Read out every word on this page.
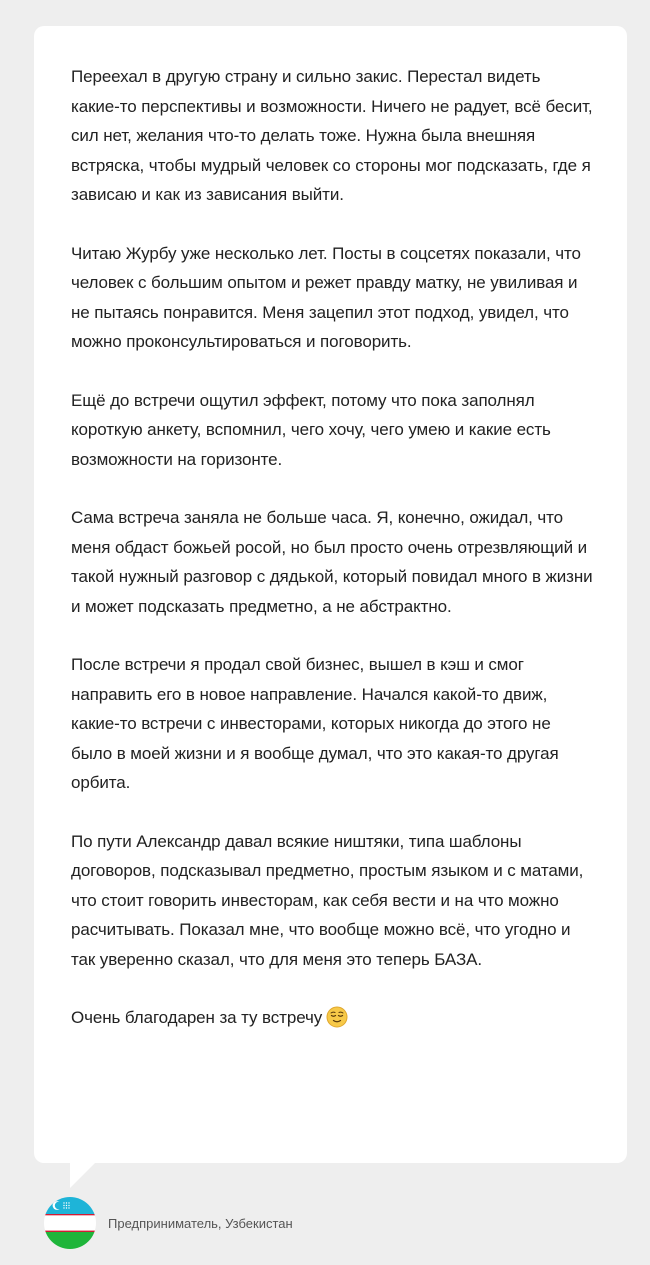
Переехал в другую страну и сильно закис. Перестал видеть какие-то перспективы и возможности. Ничего не радует, всё бесит, сил нет, желания что-то делать тоже. Нужна была внешняя встряска, чтобы мудрый человек со стороны мог подсказать, где я зависаю и как из зависания выйти.

Читаю Журбу уже несколько лет. Посты в соцсетях показали, что человек с большим опытом и режет правду матку, не увиливая и не пытаясь понравится. Меня зацепил этот подход, увидел, что можно проконсультироваться и поговорить.

Ещё до встречи ощутил эффект, потому что пока заполнял короткую анкету, вспомнил, чего хочу, чего умею и какие есть возможности на горизонте.

Сама встреча заняла не больше часа. Я, конечно, ожидал, что меня обдаст божьей росой, но был просто очень отрезвляющий и такой нужный разговор с дядькой, который повидал много в жизни и может подсказать предметно, а не абстрактно.

После встречи я продал свой бизнес, вышел в кэш и смог направить его в новое направление. Начался какой-то движ, какие-то встречи с инвесторами, которых никогда до этого не было в моей жизни и я вообще думал, что это какая-то другая орбита.

По пути Александр давал всякие ништяки, типа шаблоны договоров, подсказывал предметно, простым языком и с матами, что стоит говорить инвесторам, как себя вести и на что можно расчитывать. Показал мне, что вообще можно всё, что угодно и так уверенно сказал, что для меня это теперь БАЗА.

Очень благодарен за ту встречу

Предприниматель, Узбекистан
